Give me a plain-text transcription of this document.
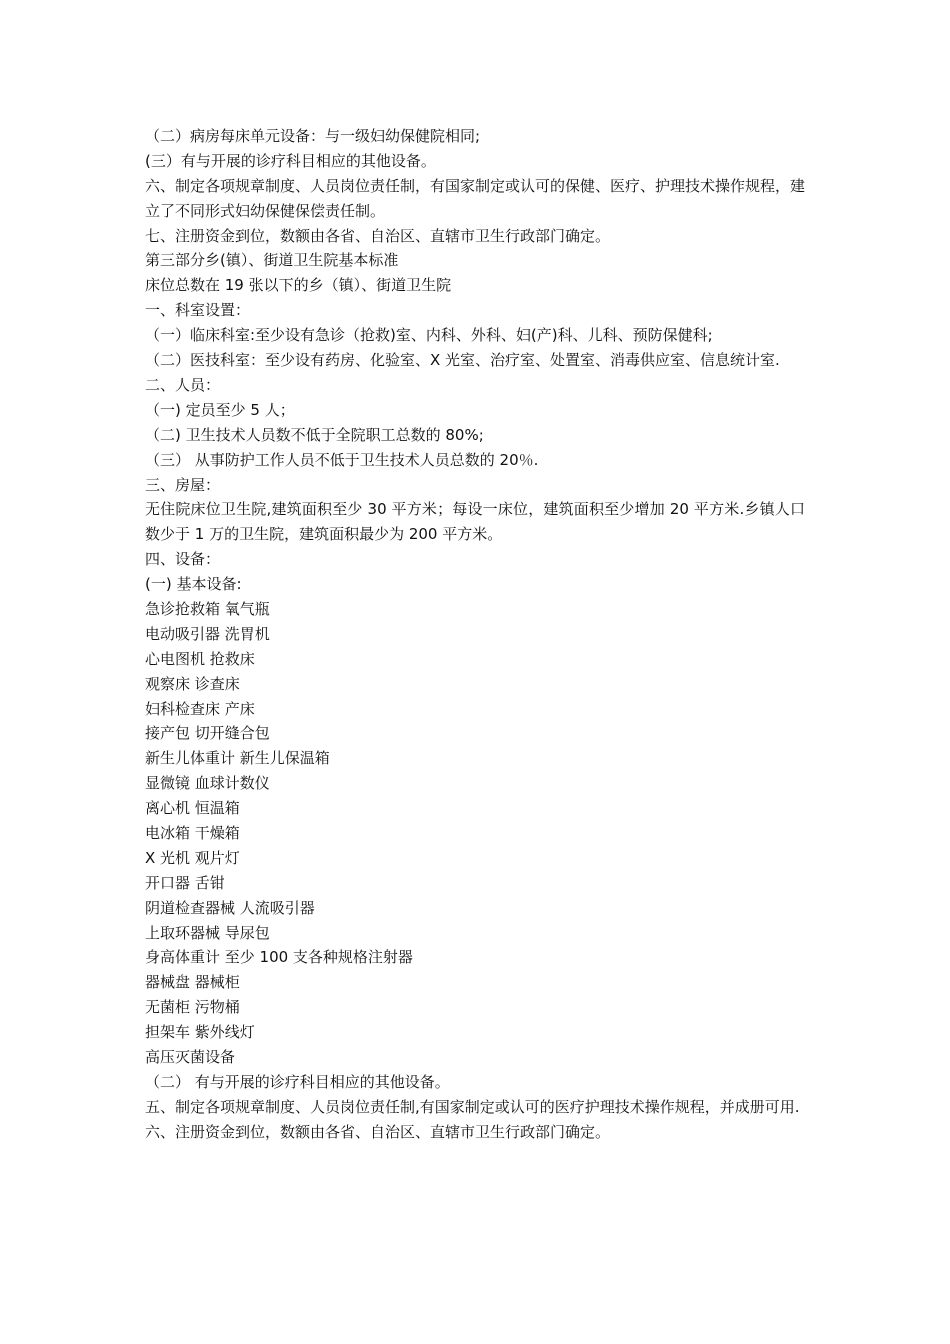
（二）病房每床单元设备：与一级妇幼保健院相同;

(三）有与开展的诊疗科目相应的其他设备。

六、制定各项规章制度、人员岗位责任制，有国家制定或认可的保健、医疗、护理技术操作规程，建立了不同形式妇幼保健保偿责任制。

七、注册资金到位，数额由各省、自治区、直辖市卫生行政部门确定。

第三部分乡(镇）、街道卫生院基本标准

床位总数在 19 张以下的乡（镇）、街道卫生院

一、科室设置：

（一）临床科室:至少设有急诊（抢救)室、内科、外科、妇(产)科、儿科、预防保健科;

（二）医技科室：至少设有药房、化验室、X 光室、治疗室、处置室、消毒供应室、信息统计室.

二、人员：

（一) 定员至少 5 人；

（二) 卫生技术人员数不低于全院职工总数的 80%;

（三） 从事防护工作人员不低于卫生技术人员总数的 20％.

三、房屋：

无住院床位卫生院,建筑面积至少 30 平方米；每设一床位，建筑面积至少增加 20 平方米.乡镇人口数少于 1 万的卫生院，建筑面积最少为 200 平方米。

四、设备：

(一) 基本设备:

急诊抢救箱 氧气瓶

电动吸引器 洗胃机

心电图机 抢救床

观察床 诊查床

妇科检查床 产床

接产包 切开缝合包

新生儿体重计 新生儿保温箱

显微镜 血球计数仪

离心机 恒温箱

电冰箱 干燥箱

X 光机 观片灯

开口器 舌钳

阴道检查器械 人流吸引器

上取环器械 导尿包

身高体重计 至少 100 支各种规格注射器

器械盘 器械柜

无菌柜 污物桶

担架车 紫外线灯

高压灭菌设备

（二） 有与开展的诊疗科目相应的其他设备。

五、制定各项规章制度、人员岗位责任制,有国家制定或认可的医疗护理技术操作规程，并成册可用.

六、注册资金到位，数额由各省、自治区、直辖市卫生行政部门确定。
